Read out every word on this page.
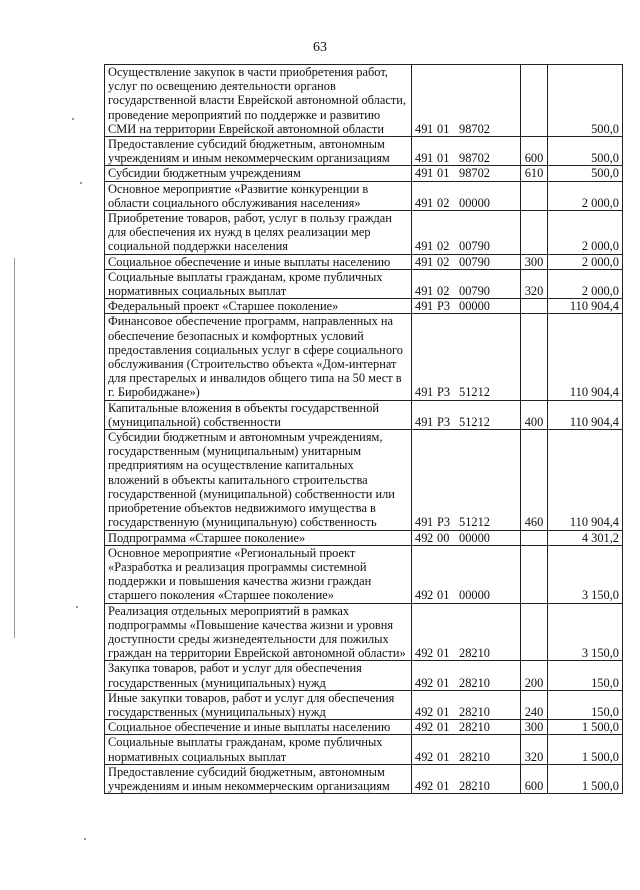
63
Осуществление закупок в части приобретения работ, услуг по освещению деятельности органов государственной власти Еврейской автономной области, проведение мероприятий по поддержке и развитию СМИ на территории Еврейской автономной области	491 01 98702		500,0
Предоставление субсидий бюджетным, автономным учреждениям и иным некоммерческим организациям	491 01 98702	600	500,0
Субсидии бюджетным учреждениям	491 01 98702	610	500,0
Основное мероприятие «Развитие конкуренции в области социального обслуживания населения»	491 02 00000		2 000,0
Приобретение товаров, работ, услуг в пользу граждан для обеспечения их нужд в целях реализации мер социальной поддержки населения	491 02 00790		2 000,0
Социальное обеспечение и иные выплаты населению	491 02 00790	300	2 000,0
Социальные выплаты гражданам, кроме публичных нормативных социальных выплат	491 02 00790	320	2 000,0
Федеральный проект «Старшее поколение»	491 P3 00000		110 904,4
Финансовое обеспечение программ, направленных на обеспечение безопасных и комфортных условий предоставления социальных услуг в сфере социального обслуживания (Строительство объекта «Дом-интернат для престарелых и инвалидов общего типа на 50 мест в г. Биробиджане»)	491 P3 51212		110 904,4
Капитальные вложения в объекты государственной (муниципальной) собственности	491 P3 51212	400	110 904,4
Субсидии бюджетным и автономным учреждениям, государственным (муниципальным) унитарным предприятиям на осуществление капитальных вложений в объекты капитального строительства государственной (муниципальной) собственности или приобретение объектов недвижимого имущества в государственную (муниципальную) собственность	491 P3 51212	460	110 904,4
Подпрограмма «Старшее поколение»	492 00 00000		4 301,2
Основное мероприятие «Региональный проект «Разработка и реализация программы системной поддержки и повышения качества жизни граждан старшего поколения «Старшее поколение»	492 01 00000		3 150,0
Реализация отдельных мероприятий в рамках подпрограммы «Повышение качества жизни и уровня доступности среды жизнедеятельности для пожилых граждан на территории Еврейской автономной области»	492 01 28210		3 150,0
Закупка товаров, работ и услуг для обеспечения государственных (муниципальных) нужд	492 01 28210	200	150,0
Иные закупки товаров, работ и услуг для обеспечения государственных (муниципальных) нужд	492 01 28210	240	150,0
Социальное обеспечение и иные выплаты населению	492 01 28210	300	1 500,0
Социальные выплаты гражданам, кроме публичных нормативных социальных выплат	492 01 28210	320	1 500,0
Предоставление субсидий бюджетным, автономным учреждениям и иным некоммерческим организациям	492 01 28210	600	1 500,0
